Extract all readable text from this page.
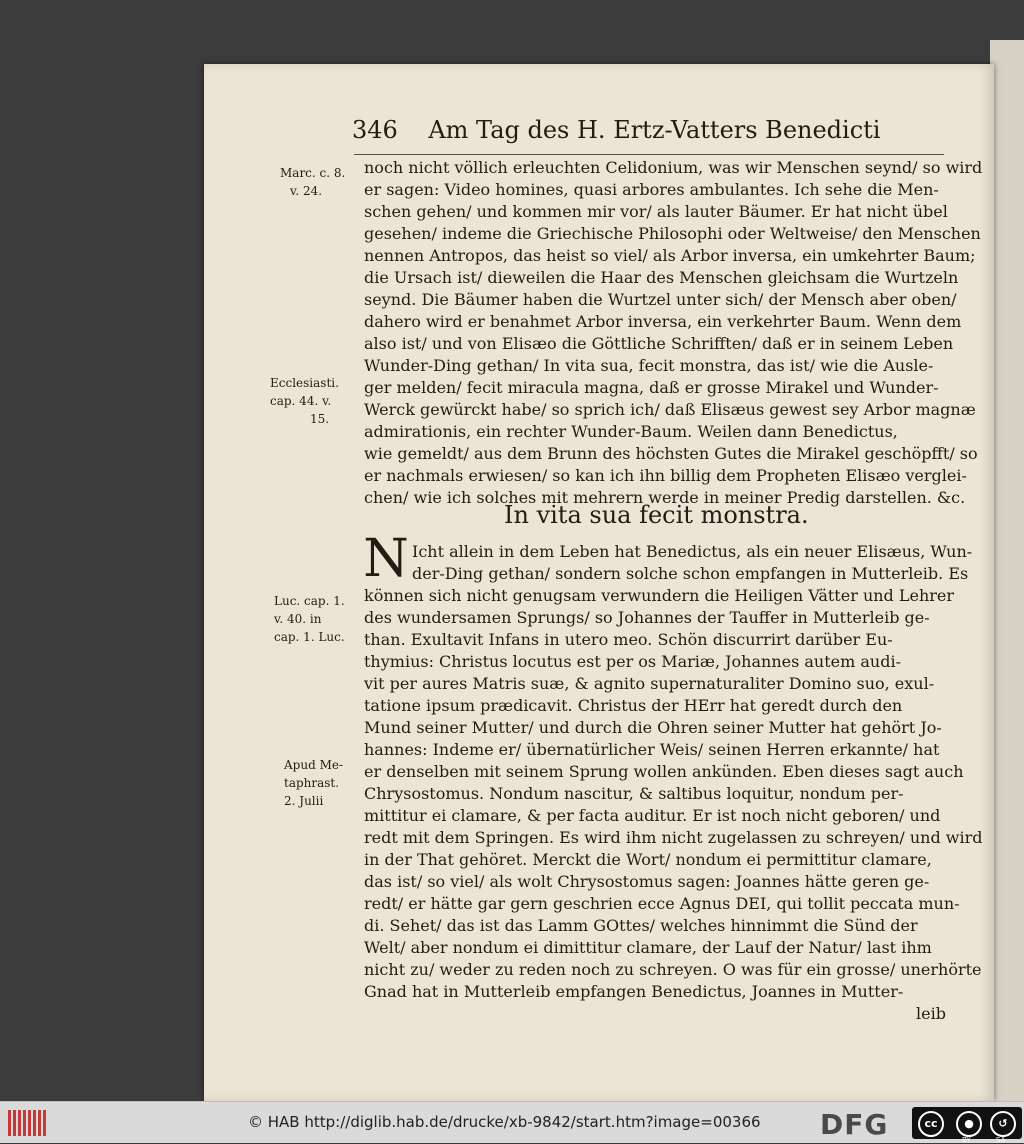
346 Am Tag des H. Ertz-Vatters Benedicti
noch nicht völlich erleuchten Celidonium, was wir Menschen seynd/ so wird
er sagen: Video homines, quasi arbores ambulantes. Ich sehe die Men-
schen gehen/ und kommen mir vor/ als lauter Bäumer. Er hat nicht übel
gesehen/ indeme die Griechische Philosophi oder Weltweise/ den Menschen
nennen Antropos, das heist so viel/ als Arbor inversa, ein umkehrter Baum;
die Ursach ist/ dieweilen die Haar des Menschen gleichsam die Wurtzeln
seynd. Die Bäumer haben die Wurtzel unter sich/ der Mensch aber oben/
dahero wird er benahmet Arbor inversa, ein verkehrter Baum. Wenn dem
also ist/ und von Elisæo die Göttliche Schrifften/ daß er in seinem Leben
Wunder-Ding gethan/ In vita sua, fecit monstra, das ist/ wie die Ausle-
ger melden/ fecit miracula magna, daß er grosse Mirakel und Wunder-
Werck gewürckt habe/ so sprich ich/ daß Elisæus gewest sey Arbor magnæ
admirationis, ein rechter Wunder-Baum. Weilen dann Benedictus,
wie gemeldt/ aus dem Brunn des höchsten Gutes die Mirakel geschöpfft/ so
er nachmals erwiesen/ so kan ich ihn billig dem Propheten Elisæo verglei-
chen/ wie ich solches mit mehrern werde in meiner Predig darstellen. &c.
In vita sua fecit monstra.
N Icht allein in dem Leben hat Benedictus, als ein neuer Elisæus, Wun-
der-Ding gethan/ sondern solche schon empfangen in Mutterleib. Es
können sich nicht genugsam verwundern die Heiligen Vätter und Lehrer
des wundersamen Sprungs/ so Johannes der Tauffer in Mutterleib ge-
than. Exultavit Infans in utero meo. Schön discurrirt darüber Eu-
thymius: Christus locutus est per os Mariæ, Johannes autem audi-
vit per aures Matris suæ, & agnito supernaturaliter Domino suo, exul-
tatione ipsum prædicavit. Christus der HErr hat geredt durch den
Mund seiner Mutter/ und durch die Ohren seiner Mutter hat gehört Jo-
hannes: Indeme er/ übernatürlicher Weis/ seinen Herren erkannte/ hat
er denselben mit seinem Sprung wollen ankünden. Eben dieses sagt auch
Chrysostomus. Nondum nascitur, & saltibus loquitur, nondum per-
mittitur ei clamare, & per facta auditur. Er ist noch nicht geboren/ und
redt mit dem Springen. Es wird ihm nicht zugelassen zu schreyen/ und wird
in der That gehöret. Merckt die Wort/ nondum ei permittitur clamare,
das ist/ so viel/ als wolt Chrysostomus sagen: Joannes hätte geren ge-
redt/ er hätte gar gern geschrien ecce Agnus DEI, qui tollit peccata mun-
di. Sehet/ das ist das Lamm GOttes/ welches hinnimmt die Sünd der
Welt/ aber nondum ei dimittitur clamare, der Lauf der Natur/ last ihm
nicht zu/ weder zu reden noch zu schreyen. O was für ein grosse/ unerhörte
Gnad hat in Mutterleib empfangen Benedictus, Joannes in Mutter-
leib
Marc. c. 8.
v. 24.
Ecclesiasti.
cap. 44. v.
15.
Luc. cap. 1.
v. 40. in
cap. 1. Luc.
Apud Me-
taphrast.
2. Julii
© HAB http://diglib.hab.de/drucke/xb-9842/start.htm?image=00366 DFG	cc	●	↺
BY	SA
